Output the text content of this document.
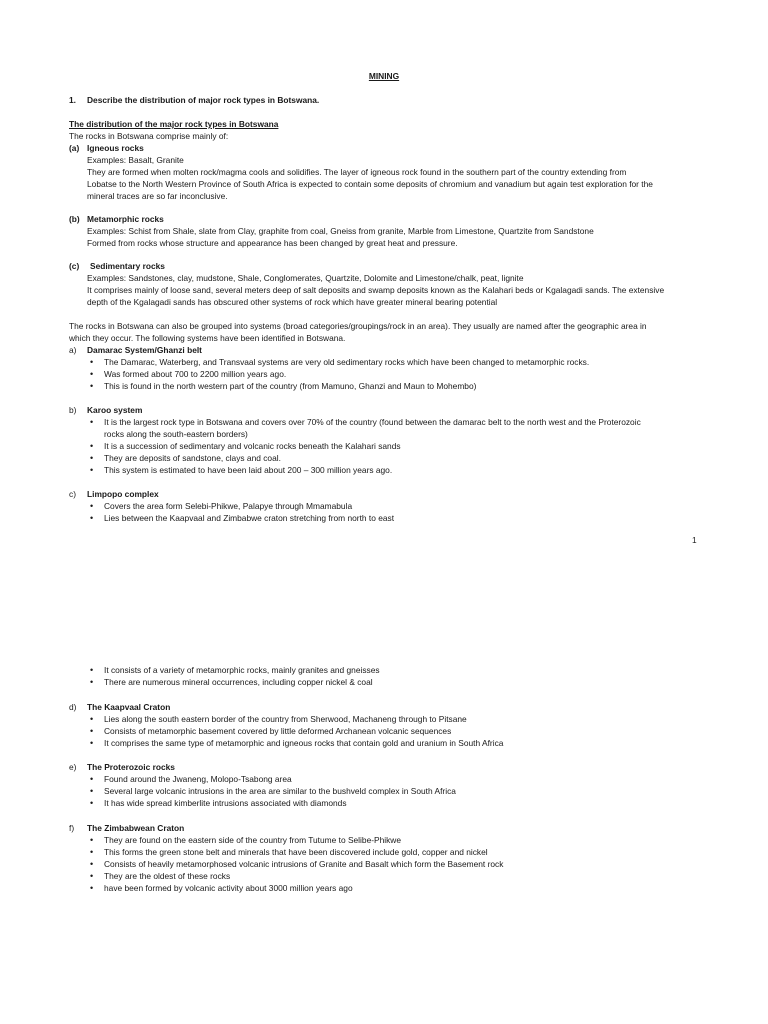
MINING

1. Describe the distribution of major rock types in Botswana.
The distribution of the major rock types in Botswana
The rocks in Botswana comprise mainly of:
(a) Igneous rocks
Examples: Basalt, Granite
They are formed when molten rock/magma cools and solidifies. The layer of igneous rock found in the southern part of the country extending from
Lobatse to the North Western Province of South Africa is expected to contain some deposits of chromium and vanadium but again test exploration for the
mineral traces are so far inconclusive.
(b) Metamorphic rocks
Examples: Schist from Shale, slate from Clay, graphite from coal, Gneiss from granite, Marble from Limestone, Quartzite from Sandstone
Formed from rocks whose structure and appearance has been changed by great heat and pressure.
(c) Sedimentary rocks
Examples: Sandstones, clay, mudstone, Shale, Conglomerates, Quartzite, Dolomite and Limestone/chalk, peat, lignite
It comprises mainly of loose sand, several meters deep of salt deposits and swamp deposits known as the Kalahari beds or Kgalagadi sands. The extensive
depth of the Kgalagadi sands has obscured other systems of rock which have greater mineral bearing potential
The rocks in Botswana can also be grouped into systems (broad categories/groupings/rock in an area). They usually are named after the geographic area in
which they occur. The following systems have been identified in Botswana.
a) Damarac System/Ghanzi belt
• The Damarac, Waterberg, and Transvaal systems are very old sedimentary rocks which have been changed to metamorphic rocks.
• Was formed about 700 to 2200 million years ago.
• This is found in the north western part of the country (from Mamuno, Ghanzi and Maun to Mohembo)
b) Karoo system
• It is the largest rock type in Botswana and covers over 70% of the country (found between the damarac belt to the north west and the Proterozoic
rocks along the south-eastern borders)
• It is a succession of sedimentary and volcanic rocks beneath the Kalahari sands
• They are deposits of sandstone, clays and coal.
• This system is estimated to have been laid about 200 – 300 million years ago.
c) Limpopo complex
• Covers the area form Selebi-Phikwe, Palapye through Mmamabula
• Lies between the Kaapvaal and Zimbabwe craton stretching from north to east
1
• It consists of a variety of metamorphic rocks, mainly granites and gneisses
• There are numerous mineral occurrences, including copper nickel & coal
d) The Kaapvaal Craton
• Lies along the south eastern border of the country from Sherwood, Machaneng through to Pitsane
• Consists of metamorphic basement covered by little deformed Archanean volcanic sequences
• It comprises the same type of metamorphic and igneous rocks that contain gold and uranium in South Africa
e) The Proterozoic rocks
• Found around the Jwaneng, Molopo-Tsabong area
• Several large volcanic intrusions in the area are similar to the bushveld complex in South Africa
• It has wide spread kimberlite intrusions associated with diamonds
f) The Zimbabwean Craton
• They are found on the eastern side of the country from Tutume to Selibe-Phikwe
• This forms the green stone belt and minerals that have been discovered include gold, copper and nickel
• Consists of heavily metamorphosed volcanic intrusions of Granite and Basalt which form the Basement rock
• They are the oldest of these rocks
• have been formed by volcanic activity about 3000 million years ago
